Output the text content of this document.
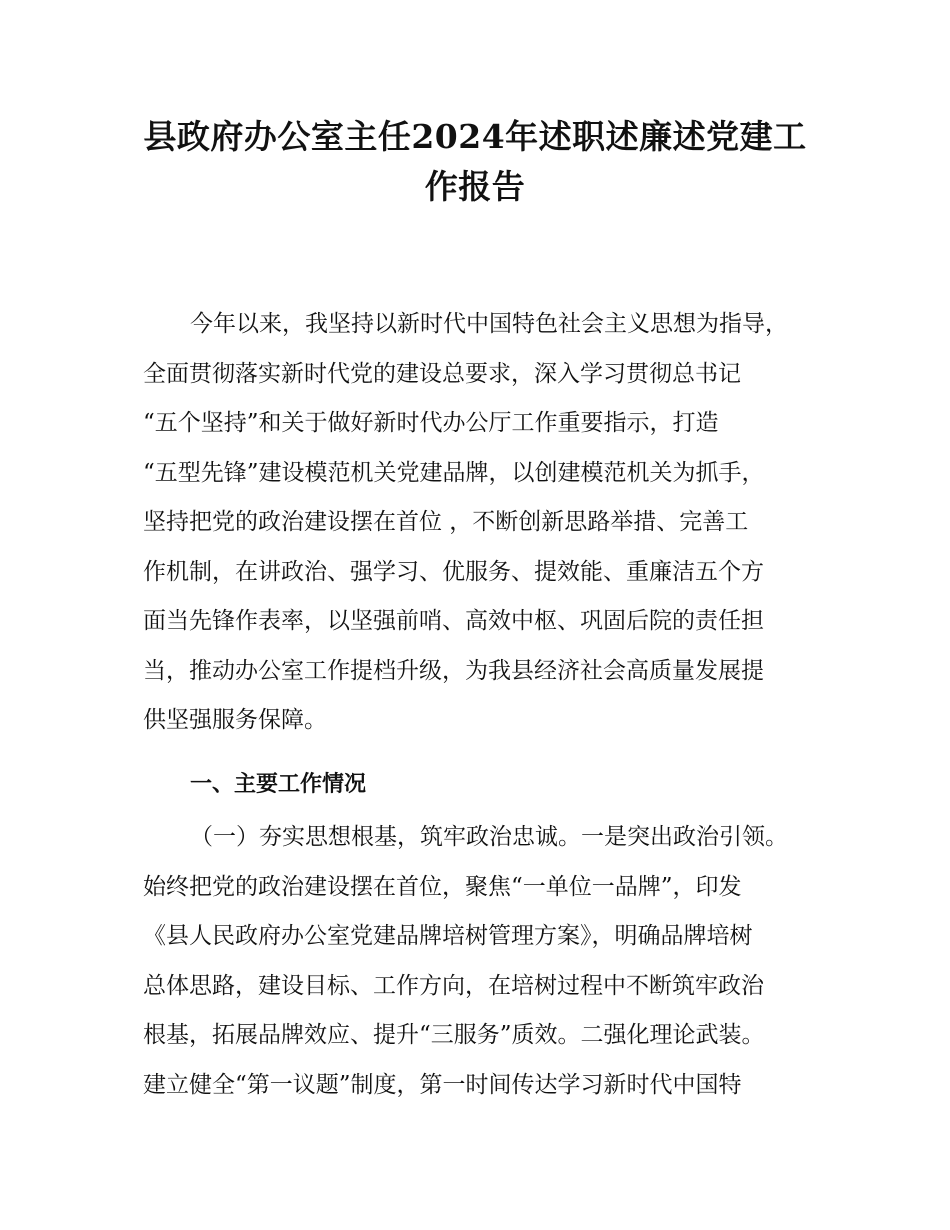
县政府办公室主任2024年述职述廉述党建工
作报告
今年以来，我坚持以新时代中国特色社会主义思想为指导，
全面贯彻落实新时代党的建设总要求，深入学习贯彻总书记
“五个坚持”和关于做好新时代办公厅工作重要指示，打造
“五型先锋”建设模范机关党建品牌，以创建模范机关为抓手，
坚持把党的政治建设摆在首位 ，不断创新思路举措、完善工
作机制，在讲政治、强学习、优服务、提效能、重廉洁五个方
面当先锋作表率，以坚强前哨、高效中枢、巩固后院的责任担
当，推动办公室工作提档升级，为我县经济社会高质量发展提
供坚强服务保障。
一、主要工作情况
（一）夯实思想根基，筑牢政治忠诚。一是突出政治引领。
始终把党的政治建设摆在首位，聚焦“一单位一品牌”，印发
《县人民政府办公室党建品牌培树管理方案》，明确品牌培树
总体思路，建设目标、工作方向，在培树过程中不断筑牢政治
根基，拓展品牌效应、提升“三服务”质效。二强化理论武装。
建立健全“第一议题”制度，第一时间传达学习新时代中国特
